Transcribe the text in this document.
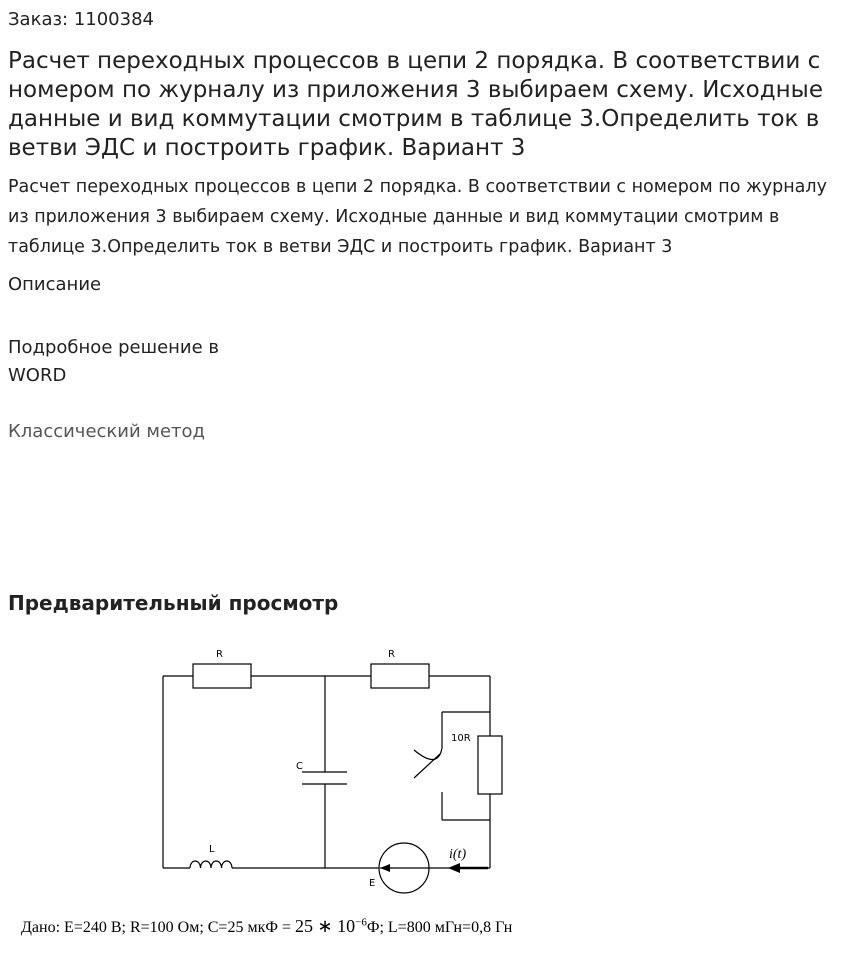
Заказ: 1100384
Расчет переходных процессов в цепи 2 порядка. В соответствии с номером по журналу из приложения 3 выбираем схему. Исходные данные и вид коммутации смотрим в таблице 3.Определить ток в ветви ЭДС и построить график. Вариант 3

Расчет переходных процессов в цепи 2 порядка. В соответствии с номером по журналу из приложения 3 выбираем схему. Исходные данные и вид коммутации смотрим в таблице 3.Определить ток в ветви ЭДС и построить график. Вариант 3

Описание
Подробное решение в
WORD
Классический метод
Предварительный просмотр
R	R
10R
C
L
E
i(t)
Дано: E=240 В; R=100 Ом; C=25 мкФ = 25 ∗ $10^{-6}Ф$; L=800 мГн=0,8 Гн
